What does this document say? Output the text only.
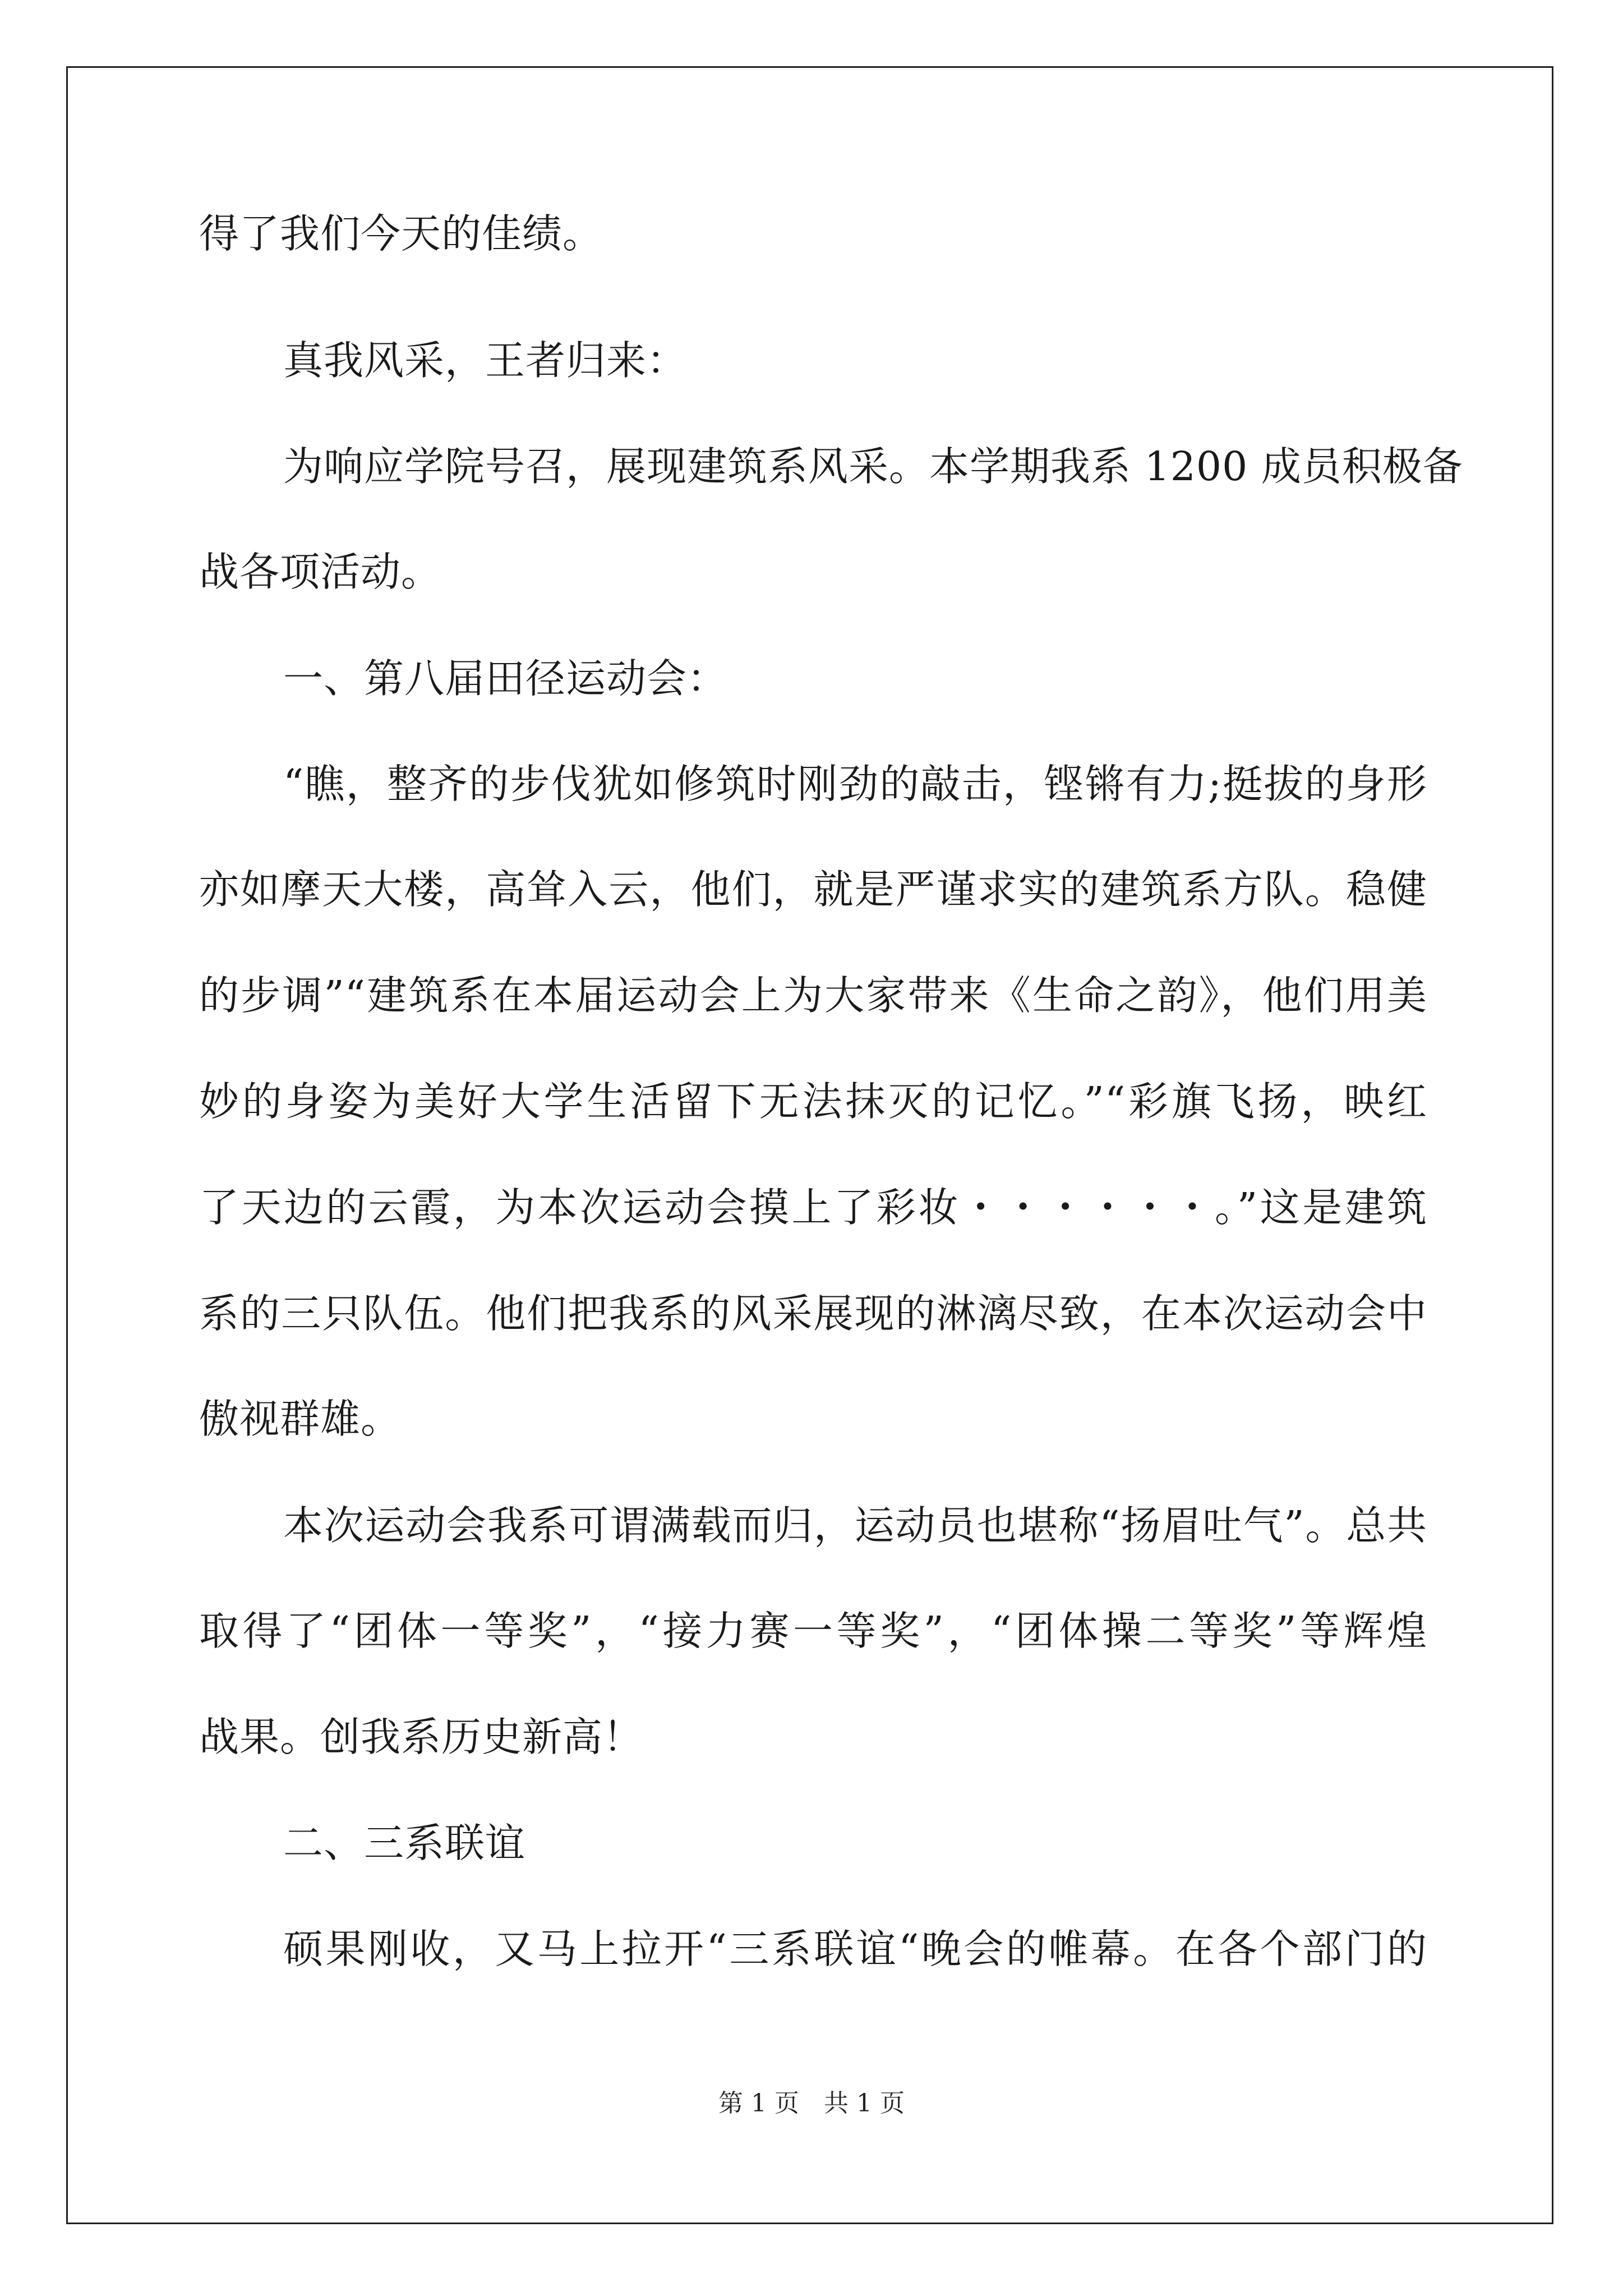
得了我们今天的佳绩。
真我风采，王者归来：
为响应学院号召，展现建筑系风采。本学期我系 1200 成员积极备
战各项活动。
一、第八届田径运动会：
“瞧，整齐的步伐犹如修筑时刚劲的敲击，铿锵有力;挺拔的身形
亦如摩天大楼，高耸入云，他们，就是严谨求实的建筑系方队。稳健
的步调”“建筑系在本届运动会上为大家带来《生命之韵》，他们用美
妙的身姿为美好大学生活留下无法抹灭的记忆。”“彩旗飞扬，映红
了天边的云霞，为本次运动会摸上了彩妆・・・・・・。”这是建筑
系的三只队伍。他们把我系的风采展现的淋漓尽致，在本次运动会中
傲视群雄。
本次运动会我系可谓满载而归，运动员也堪称“扬眉吐气”。总共
取得了“团体一等奖”，“接力赛一等奖”，“团体操二等奖”等辉煌
战果。创我系历史新高！
二、三系联谊
硕果刚收，又马上拉开“三系联谊“晚会的帷幕。在各个部门的
第 1 页　共 1 页
